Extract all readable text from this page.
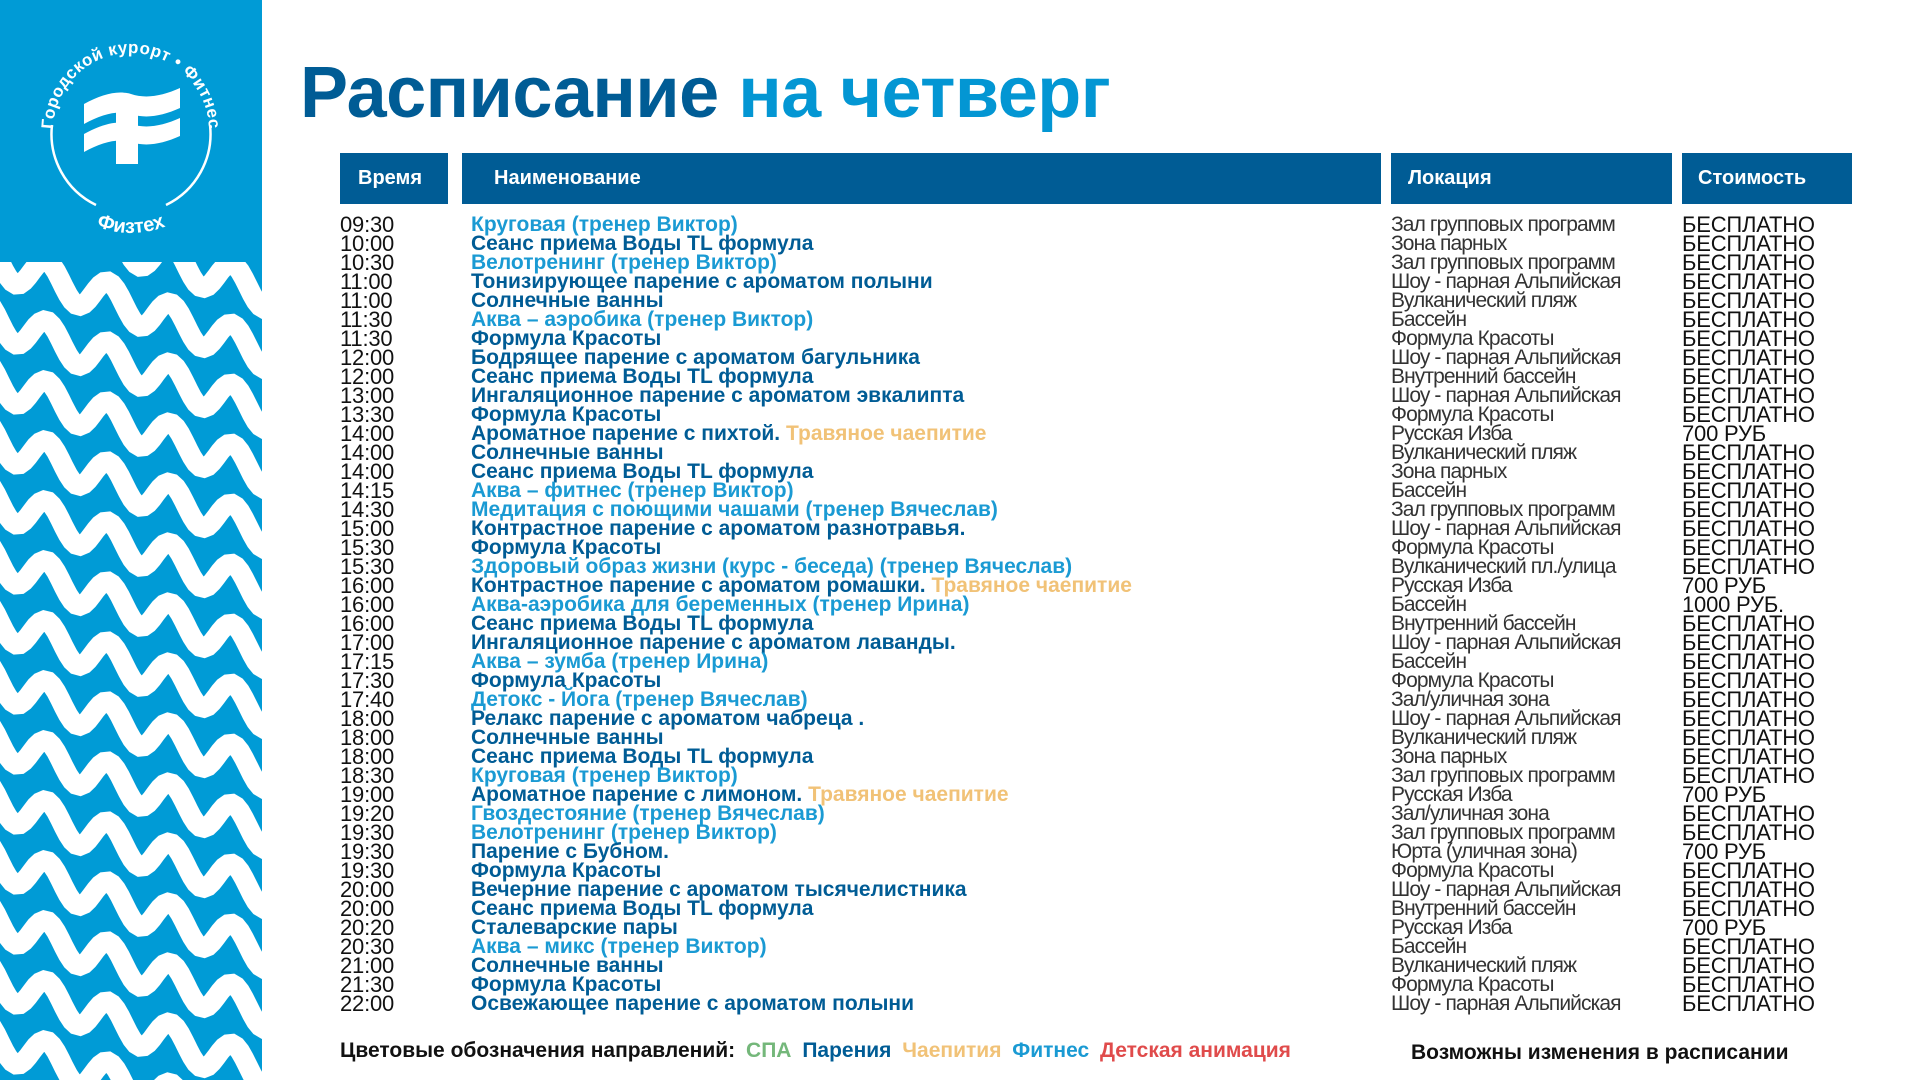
Городской курорт • Фитнес
Физтех
Расписание на четверг
Время	Наименование	Локация	Стоимость
09:30	Круговая (тренер Виктор)	Зал групповых программ	БЕСПЛАТНО
10:00	Сеанс приема Воды TL формула	Зона парных	БЕСПЛАТНО
10:30	Велотренинг (тренер Виктор)	Зал групповых программ	БЕСПЛАТНО
11:00	Тонизирующее парение с ароматом полыни	Шоу - парная Альпийская	БЕСПЛАТНО
11:00	Солнечные ванны	Вулканический пляж	БЕСПЛАТНО
11:30	Аква – аэробика (тренер Виктор)	Бассейн	БЕСПЛАТНО
11:30	Формула Красоты	Формула Красоты	БЕСПЛАТНО
12:00	Бодрящее парение с ароматом багульника	Шоу - парная Альпийская	БЕСПЛАТНО
12:00	Сеанс приема Воды TL формула	Внутренний бассейн	БЕСПЛАТНО
13:00	Ингаляционное парение с ароматом эвкалипта	Шоу - парная Альпийская	БЕСПЛАТНО
13:30	Формула Красоты	Формула Красоты	БЕСПЛАТНО
14:00	Ароматное парение с пихтой. Травяное чаепитие	Русская Изба	700 РУБ
14:00	Солнечные ванны	Вулканический пляж	БЕСПЛАТНО
14:00	Сеанс приема Воды TL формула	Зона парных	БЕСПЛАТНО
14:15	Аква – фитнес (тренер Виктор)	Бассейн	БЕСПЛАТНО
14:30	Медитация с поющими чашами (тренер Вячеслав)	Зал групповых программ	БЕСПЛАТНО
15:00	Контрастное парение с ароматом разнотравья.	Шоу - парная Альпийская	БЕСПЛАТНО
15:30	Формула Красоты	Формула Красоты	БЕСПЛАТНО
15:30	Здоровый образ жизни (курс - беседа) (тренер Вячеслав)	Вулканический пл./улица	БЕСПЛАТНО
16:00	Контрастное парение с ароматом ромашки. Травяное чаепитие	Русская Изба	700 РУБ
16:00	Аква-аэробика для беременных (тренер Ирина)	Бассейн	1000 РУБ.
16:00	Сеанс приема Воды TL формула	Внутренний бассейн	БЕСПЛАТНО
17:00	Ингаляционное парение с ароматом лаванды.	Шоу - парная Альпийская	БЕСПЛАТНО
17:15	Аква – зумба (тренер Ирина)	Бассейн	БЕСПЛАТНО
17:30	Формула Красоты	Формула Красоты	БЕСПЛАТНО
17:40	Детокс - Йога (тренер Вячеслав)	Зал/уличная зона	БЕСПЛАТНО
18:00	Релакс парение с ароматом чабреца .	Шоу - парная Альпийская	БЕСПЛАТНО
18:00	Солнечные ванны	Вулканический пляж	БЕСПЛАТНО
18:00	Сеанс приема Воды TL формула	Зона парных	БЕСПЛАТНО
18:30	Круговая (тренер Виктор)	Зал групповых программ	БЕСПЛАТНО
19:00	Ароматное парение с лимоном. Травяное чаепитие	Русская Изба	700 РУБ
19:20	Гвоздестояние (тренер Вячеслав)	Зал/уличная зона	БЕСПЛАТНО
19:30	Велотренинг (тренер Виктор)	Зал групповых программ	БЕСПЛАТНО
19:30	Парение с Бубном.	Юрта (уличная зона)	700 РУБ
19:30	Формула Красоты	Формула Красоты	БЕСПЛАТНО
20:00	Вечерние парение с ароматом тысячелистника	Шоу - парная Альпийская	БЕСПЛАТНО
20:00	Сеанс приема Воды TL формула	Внутренний бассейн	БЕСПЛАТНО
20:20	Сталеварские пары	Русская Изба	700 РУБ
20:30	Аква – микс (тренер Виктор)	Бассейн	БЕСПЛАТНО
21:00	Солнечные ванны	Вулканический пляж	БЕСПЛАТНО
21:30	Формула Красоты	Формула Красоты	БЕСПЛАТНО
22:00	Освежающее парение с ароматом полыни	Шоу - парная Альпийская	БЕСПЛАТНО
Цветовые обозначения направлений: СПА Парения Чаепития Фитнес Детская анимация	Возможны изменения в расписании
